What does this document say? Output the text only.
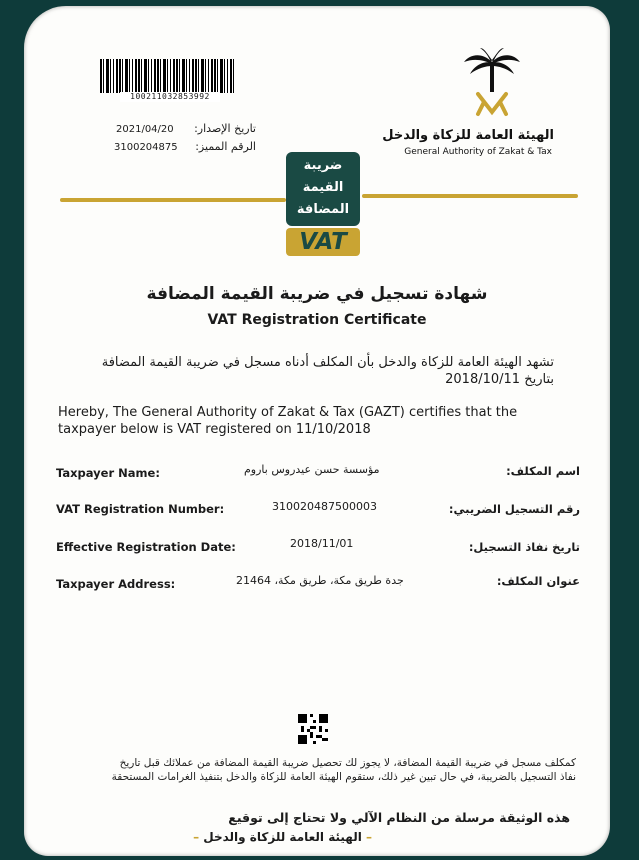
100211032853992
2021/04/20	تاريخ الإصدار:
3100204875	الرقم المميز:
الهيئة العامة للزكاة والدخل
General Authority of Zakat & Tax
ضريبة
القيمة
المضافة
VAT
شهادة تسجيل في ضريبة القيمة المضافة
VAT Registration Certificate
تشهد الهيئة العامة للزكاة والدخل بأن المكلف أدناه مسجل في ضريبة القيمة المضافة
بتاريخ 2018/10/11
Hereby, The General Authority of Zakat & Tax (GAZT) certifies that the taxpayer below is VAT registered on 11/10/2018
Taxpayer Name:	مؤسسة حسن عيدروس باروم	اسم المكلف:
VAT Registration Number:	310020487500003	رقم التسجيل الضريبي:
Effective Registration Date:	2018/11/01	تاريخ نفاذ التسجيل:
Taxpayer Address:	جدة طريق مكة، طريق مكة، 21464	عنوان المكلف:
كمكلف مسجل في ضريبة القيمة المضافة، لا يجوز لك تحصيل ضريبة القيمة المضافة من عملائك قبل تاريخ
نفاذ التسجيل بالضريبة، في حال تبين غير ذلك، ستقوم الهيئة العامة للزكاة والدخل بتنفيذ الغرامات المستحقة
هذه الوثيقة مرسلة من النظام الآلي ولا تحتاج إلى توقيع
– الهيئة العامة للزكاة والدخل –
